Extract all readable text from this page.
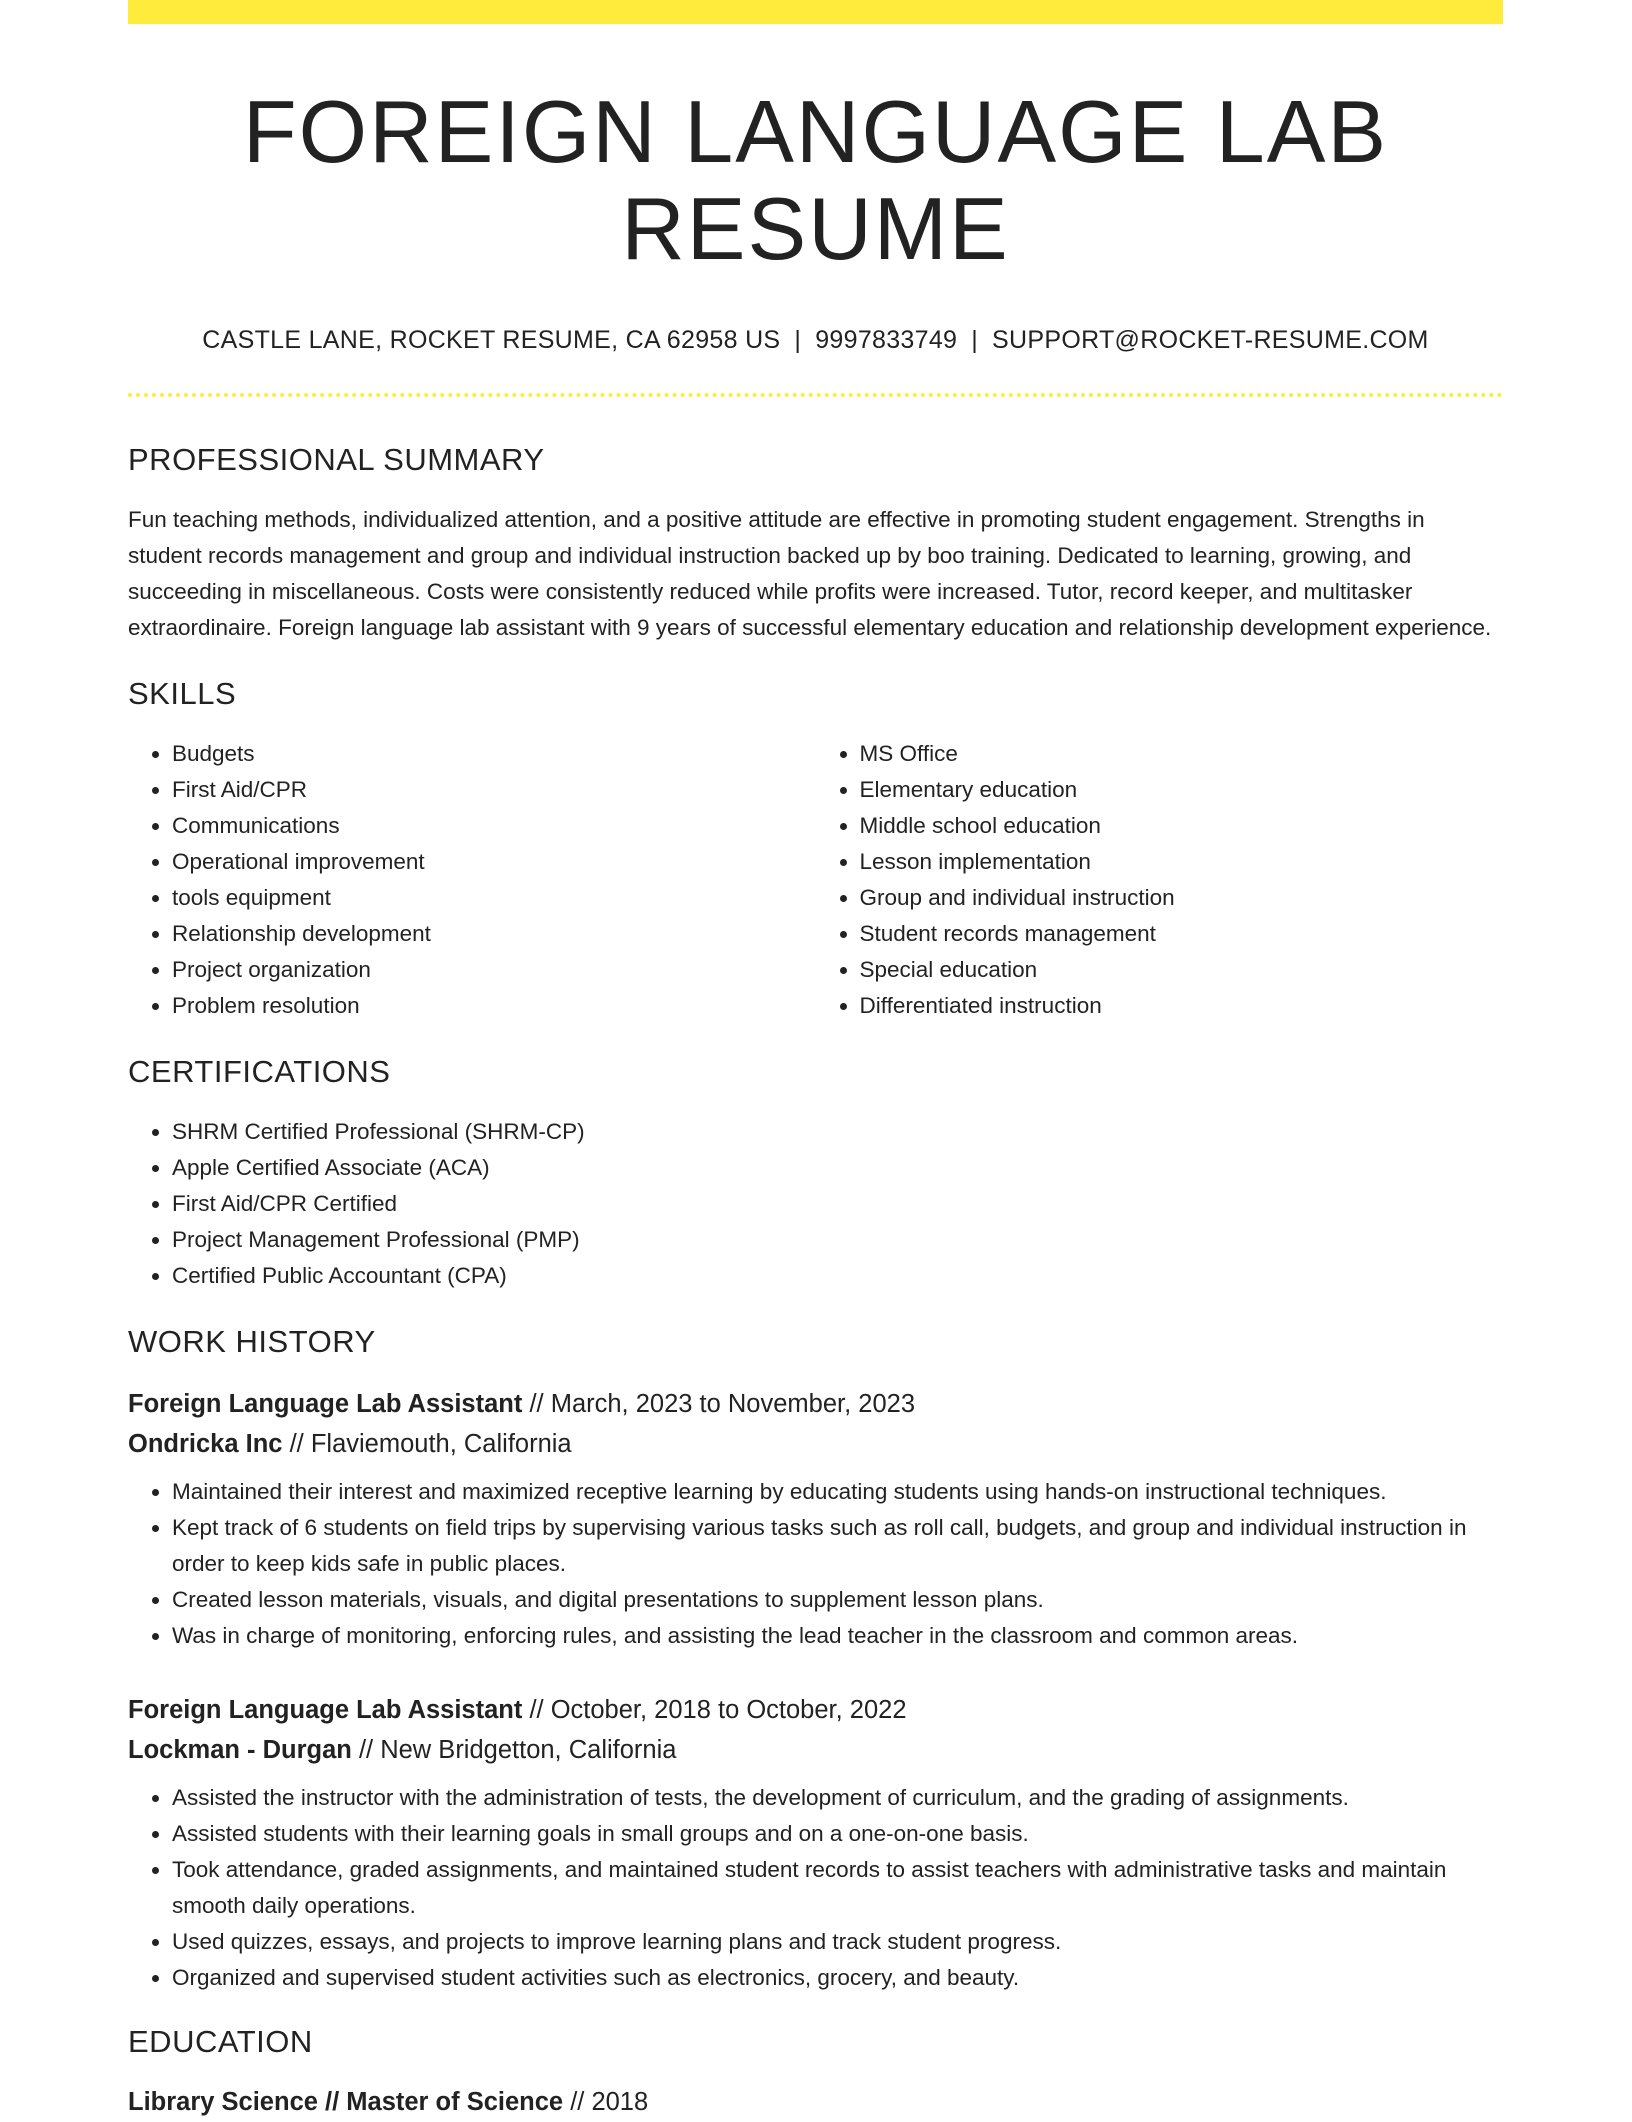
FOREIGN LANGUAGE LAB RESUME
CASTLE LANE, ROCKET RESUME, CA 62958 US | 9997833749 | SUPPORT@ROCKET-RESUME.COM
PROFESSIONAL SUMMARY

Fun teaching methods, individualized attention, and a positive attitude are effective in promoting student engagement. Strengths in student records management and group and individual instruction backed up by boo training. Dedicated to learning, growing, and succeeding in miscellaneous. Costs were consistently reduced while profits were increased. Tutor, record keeper, and multitasker extraordinaire. Foreign language lab assistant with 9 years of successful elementary education and relationship development experience.

SKILLS
• Budgets
• First Aid/CPR
• Communications
• Operational improvement
• tools equipment
• Relationship development
• Project organization
• Problem resolution
• MS Office
• Elementary education
• Middle school education
• Lesson implementation
• Group and individual instruction
• Student records management
• Special education
• Differentiated instruction
CERTIFICATIONS
• SHRM Certified Professional (SHRM-CP)
• Apple Certified Associate (ACA)
• First Aid/CPR Certified
• Project Management Professional (PMP)
• Certified Public Accountant (CPA)
WORK HISTORY
Foreign Language Lab Assistant // March, 2023 to November, 2023
Ondricka Inc // Flaviemouth, California
• Maintained their interest and maximized receptive learning by educating students using hands-on instructional techniques.
• Kept track of 6 students on field trips by supervising various tasks such as roll call, budgets, and group and individual instruction in order to keep kids safe in public places.
• Created lesson materials, visuals, and digital presentations to supplement lesson plans.
• Was in charge of monitoring, enforcing rules, and assisting the lead teacher in the classroom and common areas.
Foreign Language Lab Assistant // October, 2018 to October, 2022
Lockman - Durgan // New Bridgetton, California
• Assisted the instructor with the administration of tests, the development of curriculum, and the grading of assignments.
• Assisted students with their learning goals in small groups and on a one-on-one basis.
• Took attendance, graded assignments, and maintained student records to assist teachers with administrative tasks and maintain smooth daily operations.
• Used quizzes, essays, and projects to improve learning plans and track student progress.
• Organized and supervised student activities such as electronics, grocery, and beauty.
EDUCATION
Library Science // Master of Science // 2018
